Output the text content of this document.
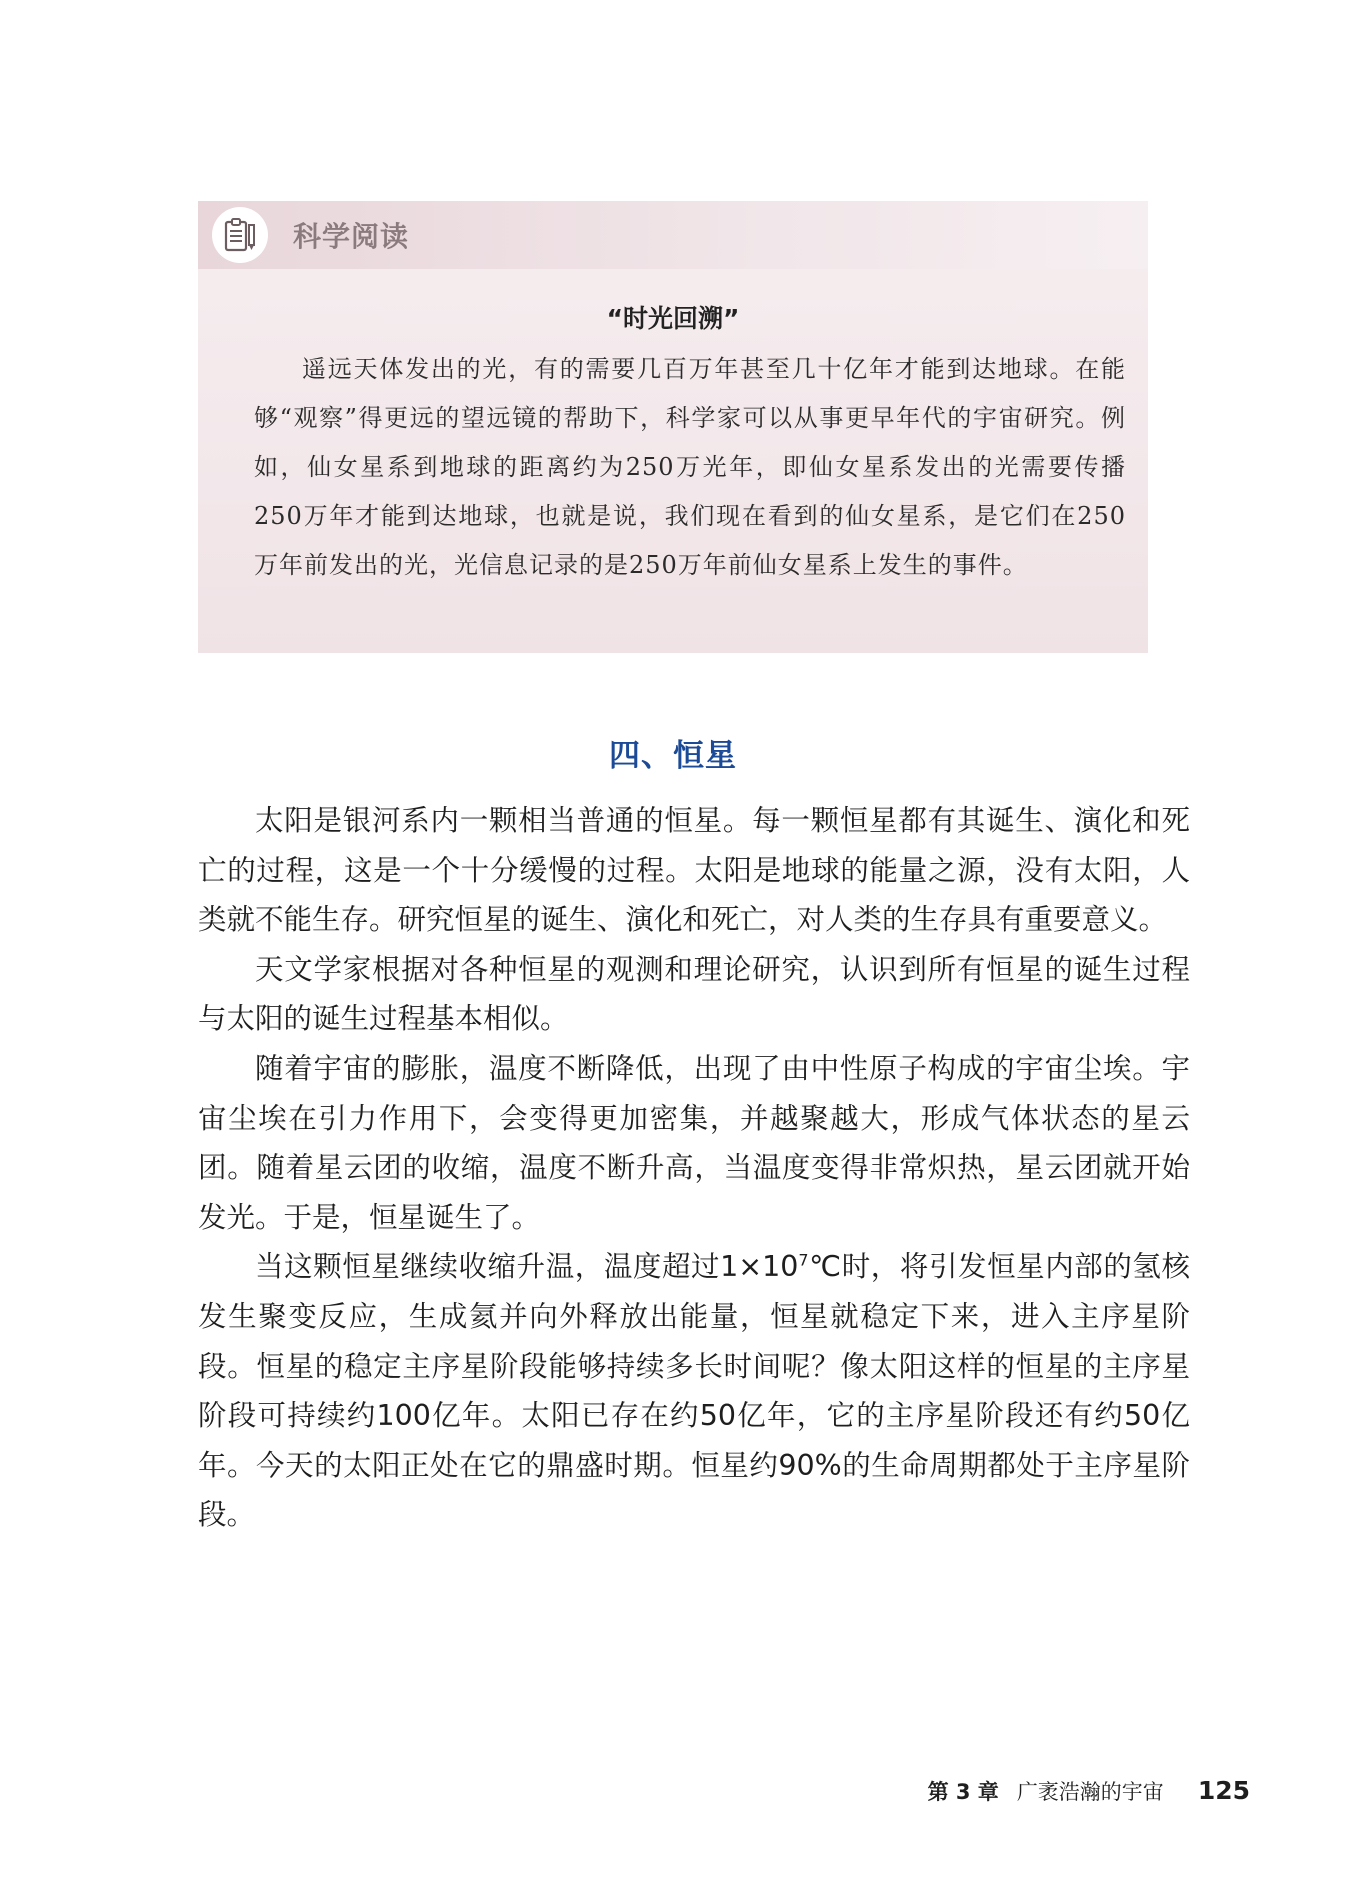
科学阅读
“时光回溯”
遥远天体发出的光，有的需要几百万年甚至几十亿年才能到达地球。在能够“观察”得更远的望远镜的帮助下，科学家可以从事更早年代的宇宙研究。例如，仙女星系到地球的距离约为250万光年，即仙女星系发出的光需要传播250万年才能到达地球，也就是说，我们现在看到的仙女星系，是它们在250万年前发出的光，光信息记录的是250万年前仙女星系上发生的事件。
四、恒星

太阳是银河系内一颗相当普通的恒星。每一颗恒星都有其诞生、演化和死亡的过程，这是一个十分缓慢的过程。太阳是地球的能量之源，没有太阳，人类就不能生存。研究恒星的诞生、演化和死亡，对人类的生存具有重要意义。

天文学家根据对各种恒星的观测和理论研究，认识到所有恒星的诞生过程与太阳的诞生过程基本相似。

随着宇宙的膨胀，温度不断降低，出现了由中性原子构成的宇宙尘埃。宇宙尘埃在引力作用下，会变得更加密集，并越聚越大，形成气体状态的星云团。随着星云团的收缩，温度不断升高，当温度变得非常炽热，星云团就开始发光。于是，恒星诞生了。

当这颗恒星继续收缩升温，温度超过$1\times 10^7℃$时，将引发恒星内部的氢核发生聚变反应，生成氦并向外释放出能量，恒星就稳定下来，进入主序星阶段。恒星的稳定主序星阶段能够持续多长时间呢？像太阳这样的恒星的主序星阶段可持续约100亿年。太阳已存在约50亿年，它的主序星阶段还有约50亿年。今天的太阳正处在它的鼎盛时期。恒星约90%的生命周期都处于主序星阶段。

第 3 章 广袤浩瀚的宇宙 125
